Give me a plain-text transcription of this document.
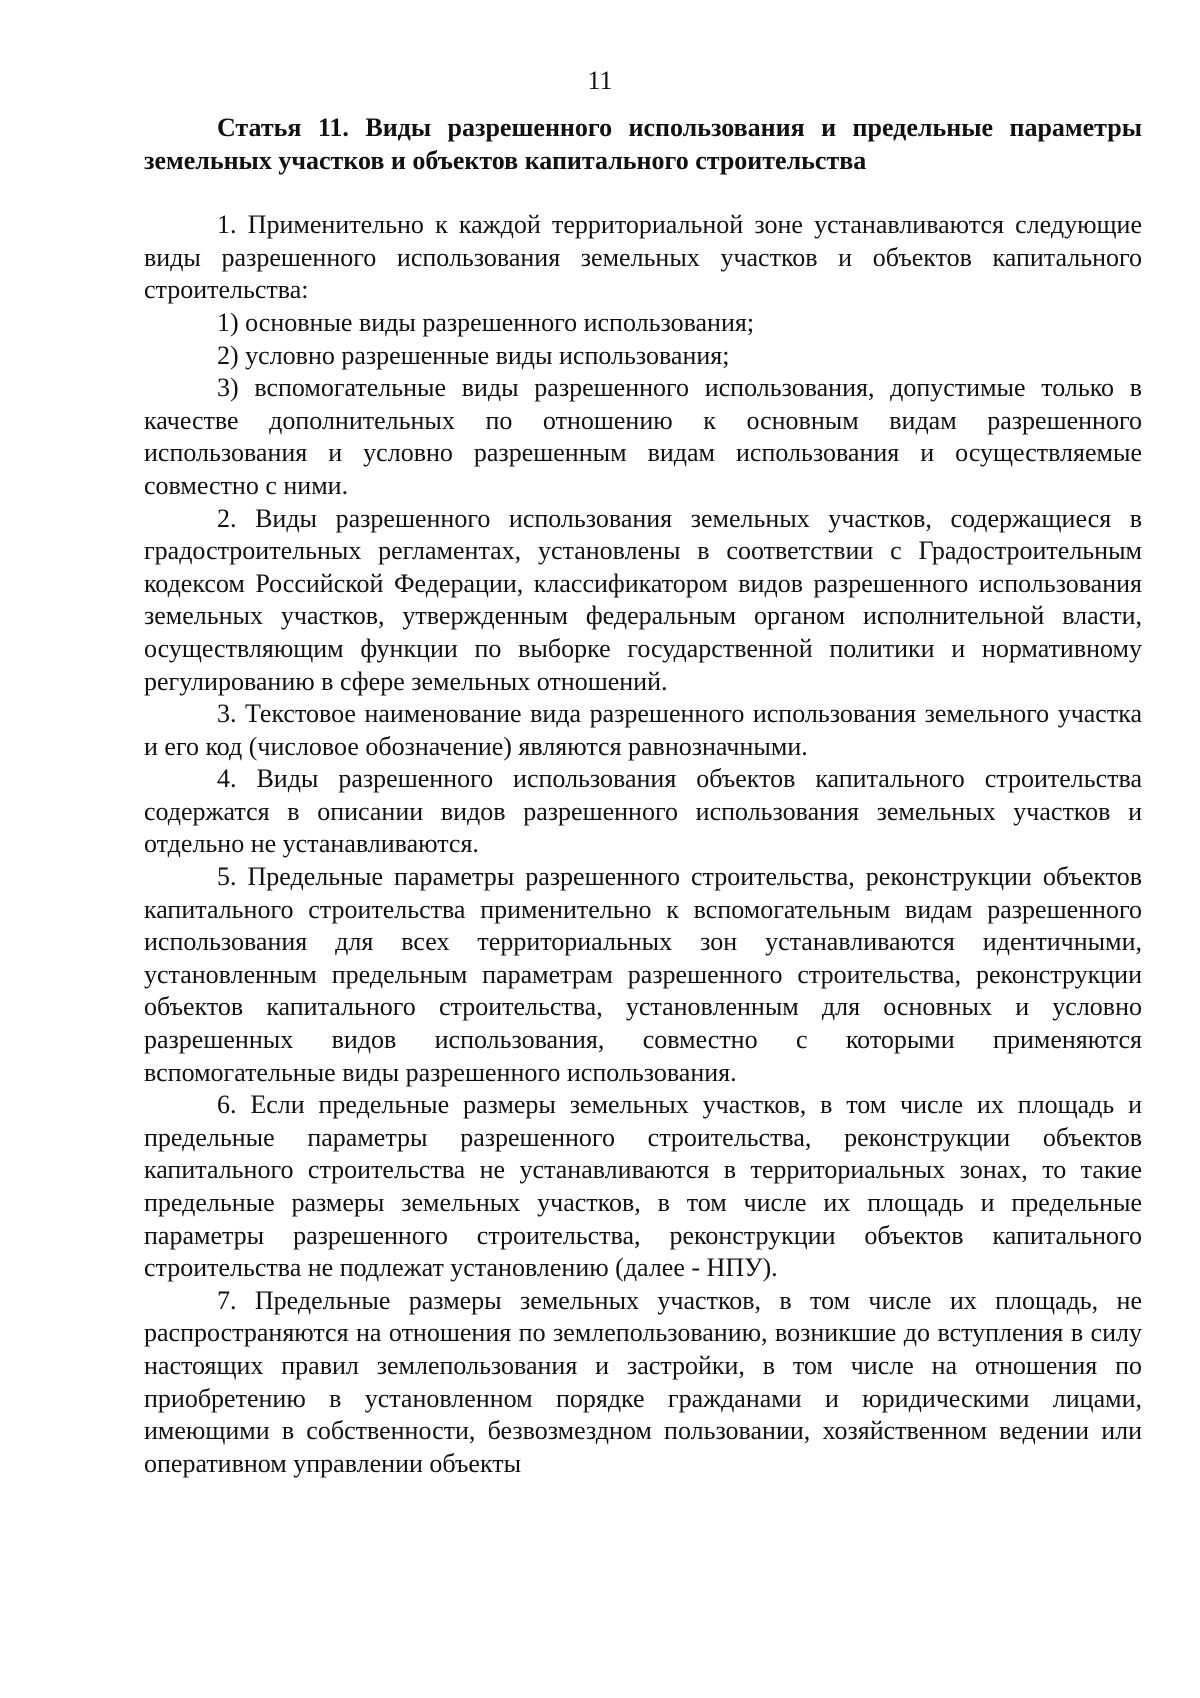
11

Статья 11. Виды разрешенного использования и предельные параметры земельных участков и объектов капитального строительства

1. Применительно к каждой территориальной зоне устанавливаются следующие виды разрешенного использования земельных участков и объектов капитального строительства:

1) основные виды разрешенного использования;

2) условно разрешенные виды использования;

3) вспомогательные виды разрешенного использования, допустимые только в качестве дополнительных по отношению к основным видам разрешенного использования и условно разрешенным видам использования и осуществляемые совместно с ними.

2. Виды разрешенного использования земельных участков, содержащиеся в градостроительных регламентах, установлены в соответствии с Градостроительным кодексом Российской Федерации, классификатором видов разрешенного использования земельных участков, утвержденным федеральным органом исполнительной власти, осуществляющим функции по выборке государственной политики и нормативному регулированию в сфере земельных отношений.

3. Текстовое наименование вида разрешенного использования земельного участка и его код (числовое обозначение) являются равнозначными.

4. Виды разрешенного использования объектов капитального строительства содержатся в описании видов разрешенного использования земельных участков и отдельно не устанавливаются.

5. Предельные параметры разрешенного строительства, реконструкции объектов капитального строительства применительно к вспомогательным видам разрешенного использования для всех территориальных зон устанавливаются идентичными, установленным предельным параметрам разрешенного строительства, реконструкции объектов капитального строительства, установленным для основных и условно разрешенных видов использования, совместно с которыми применяются вспомогательные виды разрешенного использования.

6. Если предельные размеры земельных участков, в том числе их площадь и предельные параметры разрешенного строительства, реконструкции объектов капитального строительства не устанавливаются в территориальных зонах, то такие предельные размеры земельных участков, в том числе их площадь и предельные параметры разрешенного строительства, реконструкции объектов капитального строительства не подлежат установлению (далее - НПУ).

7. Предельные размеры земельных участков, в том числе их площадь, не распространяются на отношения по землепользованию, возникшие до вступления в силу настоящих правил землепользования и застройки, в том числе на отношения по приобретению в установленном порядке гражданами и юридическими лицами, имеющими в собственности, безвозмездном пользовании, хозяйственном ведении или оперативном управлении объекты
